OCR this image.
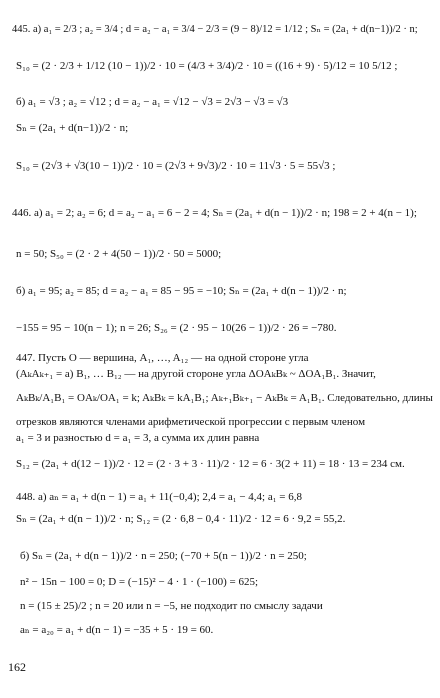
445. а) a₁ = 2/3 ; a₂ = 3/4 ; d = a₂ − a₁ = 3/4 − 2/3 = (9 − 8)/12 = 1/12 ; Sₙ = (2a₁ + d(n−1))/2 · n;
S₁₀ = (2 · 2/3 + 1/12 (10 − 1))/2 · 10 = (4/3 + 3/4)/2 · 10 = ((16 + 9) · 5)/12 = 10 5/12 ;
б) a₁ = √3 ; a₂ = √12 ; d = a₂ − a₁ = √12 − √3 = 2√3 − √3 = √3
Sₙ = (2a₁ + d(n−1))/2 · n;
S₁₀ = (2√3 + √3(10 − 1))/2 · 10 = (2√3 + 9√3)/2 · 10 = 11√3 · 5 = 55√3 ;
446. а) a₁ = 2; a₂ = 6; d = a₂ − a₁ = 6 − 2 = 4; Sₙ = (2a₁ + d(n − 1))/2 · n; 198 = 2 + 4(n − 1);
n = 50; S₅₀ = (2 · 2 + 4(50 − 1))/2 · 50 = 5000;
б) a₁ = 95; a₂ = 85; d = a₂ − a₁ = 85 − 95 = −10; Sₙ = (2a₁ + d(n − 1))/2 · n;
−155 = 95 − 10(n − 1); n = 26; S₂₆ = (2 · 95 − 10(26 − 1))/2 · 26 = −780.
447. Пусть O — вершина, A₁, …, A₁₂ — на одной стороне угла
(AₖAₖ₊₁ = a) B₁, … B₁₂ — на другой стороне угла ΔOAₖBₖ ~ ΔOA₁B₁. Значит,
AₖBₖ/A₁B₁ = OAₖ/OA₁ = k; AₖBₖ = kA₁B₁; Aₖ₊₁Bₖ₊₁ − AₖBₖ = A₁B₁. Следовательно, длины
отрезков являются членами арифметической прогрессии с первым членом
a₁ = 3 и разностью d = a₁ = 3, а сумма их длин равна
S₁₂ = (2a₁ + d(12 − 1))/2 · 12 = (2 · 3 + 3 · 11)/2 · 12 = 6 · 3(2 + 11) = 18 · 13 = 234 см.
448. а) aₙ = a₁ + d(n − 1) = a₁ + 11(−0,4); 2,4 = a₁ − 4,4; a₁ = 6,8
Sₙ = (2a₁ + d(n − 1))/2 · n; S₁₂ = (2 · 6,8 − 0,4 · 11)/2 · 12 = 6 · 9,2 = 55,2.
б) Sₙ = (2a₁ + d(n − 1))/2 · n = 250; (−70 + 5(n − 1))/2 · n = 250;
n² − 15n − 100 = 0; D = (−15)² − 4 · 1 · (−100) = 625;
n = (15 ± 25)/2 ; n = 20 или n = −5, не подходит по смыслу задачи
aₙ = a₂₀ = a₁ + d(n − 1) = −35 + 5 · 19 = 60.
162
